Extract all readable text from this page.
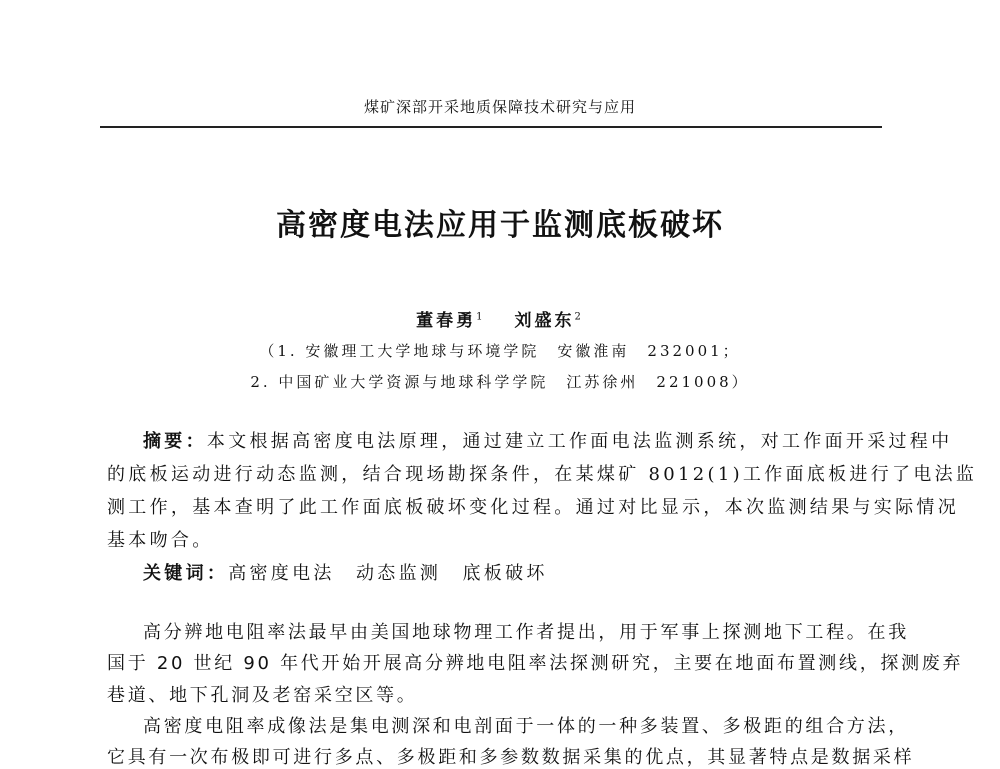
煤矿深部开采地质保障技术研究与应用
高密度电法应用于监测底板破坏
董春勇$^1$ 　 刘盛东$^2$
（1. 安徽理工大学地球与环境学院　安徽淮南　232001；
2. 中国矿业大学资源与地球科学学院　江苏徐州　221008）
摘要：本文根据高密度电法原理，通过建立工作面电法监测系统，对工作面开采过程中
的底板运动进行动态监测，结合现场勘探条件，在某煤矿 8012(1)工作面底板进行了电法监
测工作，基本查明了此工作面底板破坏变化过程。通过对比显示，本次监测结果与实际情况
基本吻合。
关键词：高密度电法　动态监测　底板破坏
高分辨地电阻率法最早由美国地球物理工作者提出，用于军事上探测地下工程。在我
国于 20 世纪 90 年代开始开展高分辨地电阻率法探测研究，主要在地面布置测线，探测废弃
巷道、地下孔洞及老窑采空区等。
高密度电阻率成像法是集电测深和电剖面于一体的一种多装置、多极距的组合方法，
它具有一次布极即可进行多点、多极距和多参数数据采集的优点，其显著特点是数据采样
